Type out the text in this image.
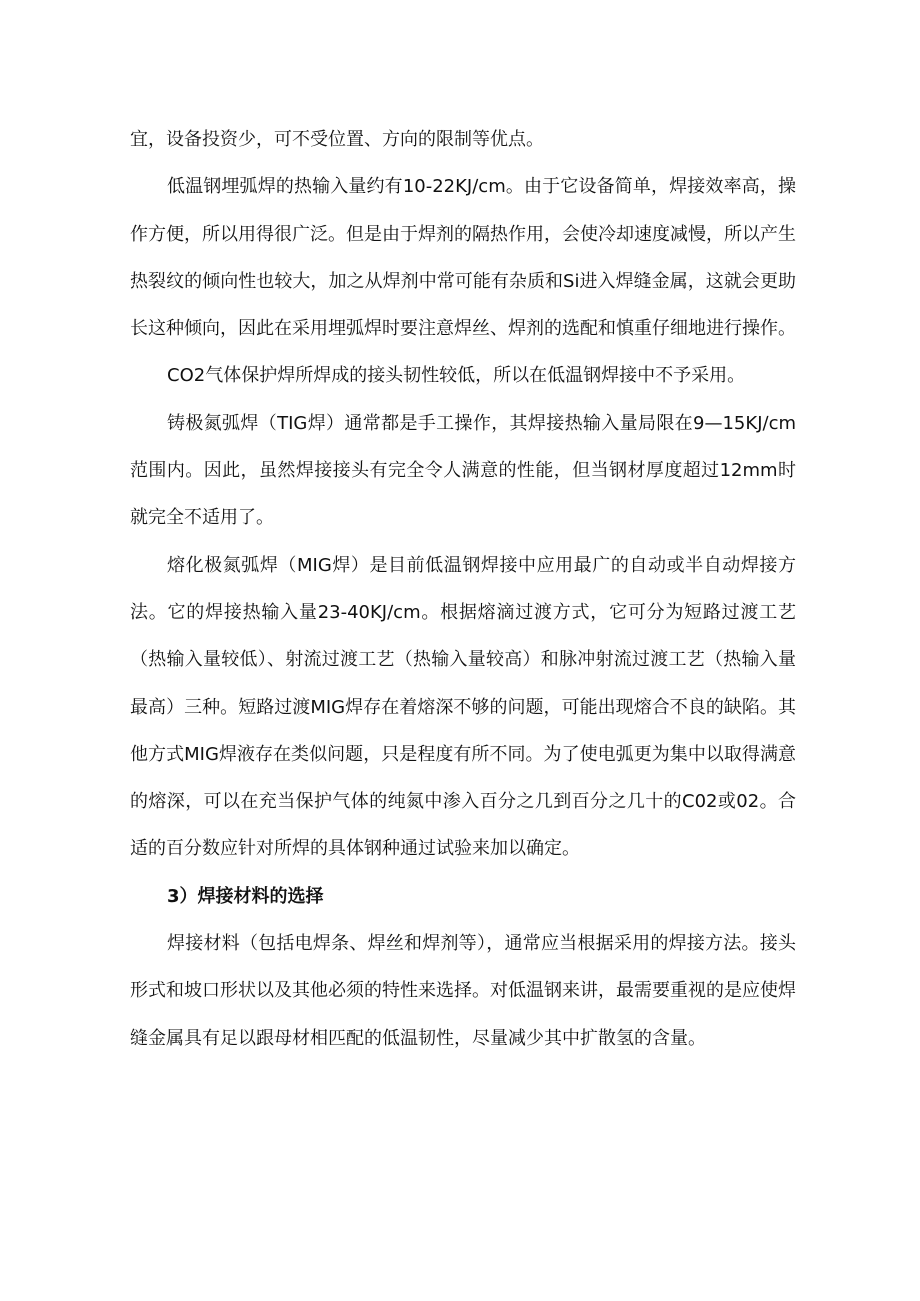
宜，设备投资少，可不受位置、方向的限制等优点。

低温钢埋弧焊的热输入量约有10-22KJ∕cm。由于它设备简单，焊接效率高，操作方便，所以用得很广泛。但是由于焊剂的隔热作用，会使冷却速度减慢，所以产生热裂纹的倾向性也较大，加之从焊剂中常可能有杂质和Si进入焊缝金属，这就会更助长这种倾向，因此在采用埋弧焊时要注意焊丝、焊剂的选配和慎重仔细地进行操作。

CO2气体保护焊所焊成的接头韧性较低，所以在低温钢焊接中不予采用。

铸极氮弧焊（TIG焊）通常都是手工操作，其焊接热输入量局限在9—15KJ∕cm范围内。因此，虽然焊接接头有完全令人满意的性能，但当钢材厚度超过12mm时就完全不适用了。

熔化极氮弧焊（MIG焊）是目前低温钢焊接中应用最广的自动或半自动焊接方法。它的焊接热输入量23-40KJ∕cm。根据熔滴过渡方式，它可分为短路过渡工艺（热输入量较低）、射流过渡工艺（热输入量较高）和脉冲射流过渡工艺（热输入量最高）三种。短路过渡MIG焊存在着熔深不够的问题，可能出现熔合不良的缺陷。其他方式MIG焊液存在类似问题，只是程度有所不同。为了使电弧更为集中以取得满意的熔深，可以在充当保护气体的纯氮中渗入百分之几到百分之几十的C02或02。合适的百分数应针对所焊的具体钢种通过试验来加以确定。

3）焊接材料的选择

焊接材料（包括电焊条、焊丝和焊剂等），通常应当根据采用的焊接方法。接头形式和坡口形状以及其他必须的特性来选择。对低温钢来讲，最需要重视的是应使焊缝金属具有足以跟母材相匹配的低温韧性，尽量减少其中扩散氢的含量。
